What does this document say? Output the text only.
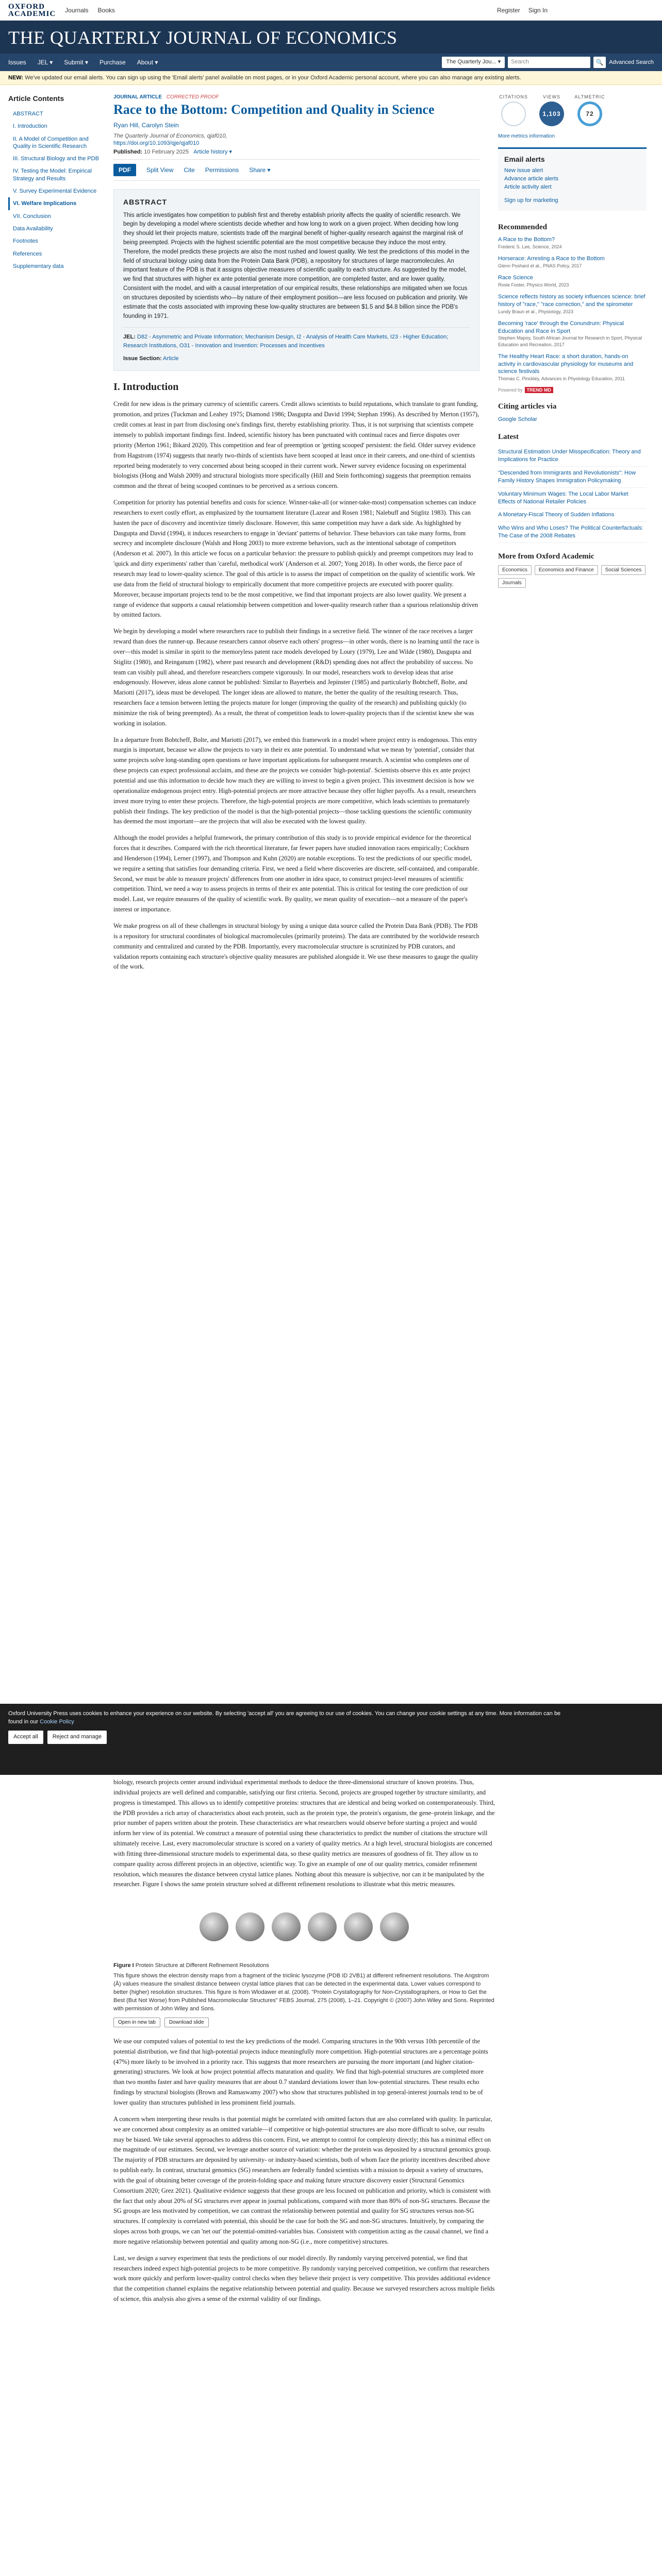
OXFORD
ACADEMIC Journals Books	Register Sign In
THE QUARTERLY JOURNAL OF ECONOMICS
Issues JEL ▾ Submit ▾ Purchase About ▾	The Quarterly Jou... ▾	Search	🔍 Advanced Search
NEW: We've updated our email alerts. You can sign up using the 'Email alerts' panel available on most pages, or in your Oxford Academic personal account, where you can also manage any existing alerts.
Article Contents
ABSTRACT
I. Introduction
II. A Model of Competition and Quality in Scientific Research
III. Structural Biology and the PDB
IV. Testing the Model: Empirical Strategy and Results
V. Survey Experimental Evidence
VI. Welfare Implications
VII. Conclusion
Data Availability
Footnotes
References
Supplementary data
JOURNAL ARTICLE CORRECTED PROOF
Race to the Bottom: Competition and Quality in Science
Ryan Hill, Carolyn Stein
The Quarterly Journal of Economics, qjaf010,
https://doi.org/10.1093/qje/qjaf010
Published: 10 February 2025 Article history ▾
PDF	Split View Cite Permissions Share ▾
ABSTRACT

This article investigates how competition to publish first and thereby establish priority affects the quality of scientific research. We begin by developing a model where scientists decide whether and how long to work on a given project. When deciding how long they should let their projects mature, scientists trade off the marginal benefit of higher-quality research against the marginal risk of being preempted. Projects with the highest scientific potential are the most competitive because they induce the most entry. Therefore, the model predicts these projects are also the most rushed and lowest quality. We test the predictions of this model in the field of structural biology using data from the Protein Data Bank (PDB), a repository for structures of large macromolecules. An important feature of the PDB is that it assigns objective measures of scientific quality to each structure. As suggested by the model, we find that structures with higher ex ante potential generate more competition, are completed faster, and are lower quality. Consistent with the model, and with a causal interpretation of our empirical results, these relationships are mitigated when we focus on structures deposited by scientists who—by nature of their employment position—are less focused on publication and priority. We estimate that the costs associated with improving these low-quality structures are between $1.5 and $4.8 billion since the PDB's founding in 1971.

JEL: D82 - Asymmetric and Private Information; Mechanism Design, I2 - Analysis of Health Care Markets, I23 - Higher Education; Research Institutions, O31 - Innovation and Invention: Processes and Incentives
Issue Section: Article
I. Introduction

Credit for new ideas is the primary currency of scientific careers. Credit allows scientists to build reputations, which translate to grant funding, promotion, and prizes (Tuckman and Leahey 1975; Diamond 1986; Dasgupta and David 1994; Stephan 1996). As described by Merton (1957), credit comes at least in part from disclosing one's findings first, thereby establishing priority. Thus, it is not surprising that scientists compete intensely to publish important findings first. Indeed, scientific history has been punctuated with continual races and fierce disputes over priority (Merton 1961; Bikard 2020). This competition and fear of preemption or 'getting scooped' persistent: the field. Older survey evidence from Hagstrom (1974) suggests that nearly two-thirds of scientists have been scooped at least once in their careers, and one-third of scientists reported being moderately to very concerned about being scooped in their current work. Newer survey evidence focusing on experimental biologists (Hong and Walsh 2009) and structural biologists more specifically (Hill and Stein forthcoming) suggests that preemption remains common and the threat of being scooped continues to be perceived as a serious concern.

Competition for priority has potential benefits and costs for science. Winner-take-all (or winner-take-most) compensation schemes can induce researchers to exert costly effort, as emphasized by the tournament literature (Lazear and Rosen 1981; Nalebuff and Stiglitz 1983). This can hasten the pace of discovery and incentivize timely disclosure. However, this same competition may have a dark side. As highlighted by Dasgupta and David (1994), it induces researchers to engage in 'deviant' patterns of behavior. These behaviors can take many forms, from secrecy and incomplete disclosure (Walsh and Hong 2003) to more extreme behaviors, such as the intentional sabotage of competitors (Anderson et al. 2007). In this article we focus on a particular behavior: the pressure to publish quickly and preempt competitors may lead to 'quick and dirty experiments' rather than 'careful, methodical work' (Anderson et al. 2007; Yong 2018). In other words, the fierce pace of research may lead to lower-quality science. The goal of this article is to assess the impact of competition on the quality of scientific work. We use data from the field of structural biology to empirically document that more competitive projects are executed with poorer quality. Moreover, because important projects tend to be the most competitive, we find that important projects are also lower quality. We present a range of evidence that supports a causal relationship between competition and lower-quality research rather than a spurious relationship driven by omitted factors.

We begin by developing a model where researchers race to publish their findings in a secretive field. The winner of the race receives a larger reward than does the runner-up. Because researchers cannot observe each others' progress—in other words, there is no learning until the race is over—this model is similar in spirit to the memoryless patent race models developed by Loury (1979), Lee and Wilde (1980), Dasgupta and Stiglitz (1980), and Reinganum (1982), where past research and development (R&D) spending does not affect the probability of success. No team can visibly pull ahead, and therefore researchers compete vigorously. In our model, researchers work to develop ideas that arise endogenously. However, ideas alone cannot be published: Similar to Bayerbeis and Jepinster (1985) and particularly Bobtcheff, Bolte, and Mariotti (2017), ideas must be developed. The longer ideas are allowed to mature, the better the quality of the resulting research. Thus, researchers face a tension between letting the projects mature for longer (improving the quality of the research) and publishing quickly (to minimize the risk of being preempted). As a result, the threat of competition leads to lower-quality projects than if the scientist knew she was working in isolation.

In a departure from Bobtcheff, Bolte, and Mariotti (2017), we embed this framework in a model where project entry is endogenous. This entry margin is important, because we allow the projects to vary in their ex ante potential. To understand what we mean by 'potential', consider that some projects solve long-standing open questions or have important applications for subsequent research. A scientist who completes one of these projects can expect professional acclaim, and these are the projects we consider 'high-potential'. Scientists observe this ex ante project potential and use this information to decide how much they are willing to invest to begin a given project. This investment decision is how we operationalize endogenous project entry. High-potential projects are more attractive because they offer higher payoffs. As a result, researchers invest more trying to enter these projects. Therefore, the high-potential projects are more competitive, which leads scientists to prematurely publish their findings. The key prediction of the model is that the high-potential projects—those tackling questions the scientific community has deemed the most important—are the projects that will also be executed with the lowest quality.

Although the model provides a helpful framework, the primary contribution of this study is to provide empirical evidence for the theoretical forces that it describes. Compared with the rich theoretical literature, far fewer papers have studied innovation races empirically; Cockburn and Henderson (1994), Lerner (1997), and Thompson and Kuhn (2020) are notable exceptions. To test the predictions of our specific model, we require a setting that satisfies four demanding criteria. First, we need a field where discoveries are discrete, self-contained, and comparable. Second, we must be able to measure projects' differences from one another in idea space, to construct project-level measures of scientific competition. Third, we need a way to assess projects in terms of their ex ante potential. This is critical for testing the core prediction of our model. Last, we require measures of the quality of scientific work. By quality, we mean quality of execution—not a measure of the paper's interest or importance.

We make progress on all of these challenges in structural biology by using a unique data source called the Protein Data Bank (PDB). The PDB is a repository for structural coordinates of biological macromolecules (primarily proteins). The data are contributed by the worldwide research community and centralized and curated by the PDB. Importantly, every macromolecular structure is scrutinized by PDB curators, and validation reports containing each structure's objective quality measures are published alongside it. We use these measures to gauge the quality of the work.

CITATIONS	VIEWS
1,103
ALTMETRIC
72
More metrics information
Email alerts
New issue alert
Advance article alerts
Article activity alert
Sign up for marketing
Recommended
A Race to the Bottom?
Frederic S. Lee, Science, 2024
Horserace: Arresting a Race to the Bottom
Glenn Poshard et al., PNAS Policy, 2017
Race Science
Rosie Foster, Physics World, 2023
Science reflects history as society influences science: brief history of "race," "race correction," and the spirometer
Lundy Braun et al., Physiology, 2023
Becoming 'race' through the Conundrum: Physical Education and Race in Sport
Stephen Mapoy, South African Journal for Research in Sport, Physical Education and Recreation, 2017
The Healthy Heart Race: a short duration, hands-on activity in cardiovascular physiology for museums and science festivals
Thomas C. Pinckley, Advances in Physiology Education, 2011
Powered by TREND MD
Citing articles via
Google Scholar
Latest
Structural Estimation Under Misspecification: Theory and Implications for Practice
"Descended from Immigrants and Revolutionists": How Family History Shapes Immigration Policymaking
Voluntary Minimum Wages: The Local Labor Market Effects of National Retailer Policies
A Monetary-Fiscal Theory of Sudden Inflations
Who Wins and Who Loses? The Political Counterfactuals: The Case of the 2008 Rebates
More from Oxford Academic
Economics	Economics and Finance	Social Sciences
Journals

Oxford University Press uses cookies to enhance your experience on our website. By selecting 'accept all' you are agreeing to our use of cookies. You can change your cookie settings at any time. More information can be found in our Cookie Policy

Accept all	Reject and manage

biology, research projects center around individual experimental methods to deduce the three-dimensional structure of known proteins. Thus, individual projects are well defined and comparable, satisfying our first criteria. Second, projects are grouped together by structure similarity, and progress is timestamped. This allows us to identify competitive proteins: structures that are identical and being worked on contemporaneously. Third, the PDB provides a rich array of characteristics about each protein, such as the protein type, the protein's organism, the gene–protein linkage, and the prior number of papers written about the protein. These characteristics are what researchers would observe before starting a project and would inform her view of its potential. We construct a measure of potential using these characteristics to predict the number of citations the structure will ultimately receive. Last, every macromolecular structure is scored on a variety of quality metrics. At a high level, structural biologists are concerned with fitting three-dimensional structure models to experimental data, so these quality metrics are measures of goodness of fit. They allow us to compare quality across different projects in an objective, scientific way. To give an example of one of our quality metrics, consider refinement resolution, which measures the distance between crystal lattice planes. Nothing about this measure is subjective, nor can it be manipulated by the researcher. Figure I shows the same protein structure solved at different refinement resolutions to illustrate what this metric measures.

Figure I Protein Structure at Different Refinement Resolutions
This figure shows the electron density maps from a fragment of the triclinic lysozyme (PDB ID 2VB1) at different refinement resolutions. The Angstrom (Å) values measure the smallest distance between crystal lattice planes that can be detected in the experimental data. Lower values correspond to better (higher) resolution structures. This figure is from Wlodawer et al. (2008). "Protein Crystallography for Non-Crystallographers, or How to Get the Best (But Not Worse) from Published Macromolecular Structures" FEBS Journal, 275 (2008), 1–21. Copyright © (2007) John Wiley and Sons. Reprinted with permission of John Wiley and Sons.
Open in new tab	Download slide

We use our computed values of potential to test the key predictions of the model. Comparing structures in the 90th versus 10th percentile of the potential distribution, we find that high-potential projects induce meaningfully more competition. High-potential structures are a percentage points (47%) more likely to be involved in a priority race. This suggests that more researchers are pursuing the more important (and higher citation-generating) structures. We look at how project potential affects maturation and quality. We find that high-potential structures are completed more than two months faster and have quality measures that are about 0.7 standard deviations lower than low-potential structures. These results echo findings by structural biologists (Brown and Ramaswamy 2007) who show that structures published in top general-interest journals tend to be of lower quality than structures published in less prominent field journals.

A concern when interpreting these results is that potential might be correlated with omitted factors that are also correlated with quality. In particular, we are concerned about complexity as an omitted variable—if competitive or high-potential structures are also more difficult to solve, our results may be biased. We take several approaches to address this concern. First, we attempt to control for complexity directly; this has a minimal effect on the magnitude of our estimates. Second, we leverage another source of variation: whether the protein was deposited by a structural genomics group. The majority of PDB structures are deposited by university- or industry-based scientists, both of whom face the priority incentives described above to publish early. In contrast, structural genomics (SG) researchers are federally funded scientists with a mission to deposit a variety of structures, with the goal of obtaining better coverage of the protein-folding space and making future structure discovery easier (Structural Genomics Consortium 2020; Grez 2021). Qualitative evidence suggests that these groups are less focused on publication and priority, which is consistent with the fact that only about 20% of SG structures ever appear in journal publications, compared with more than 80% of non-SG structures. Because the SG groups are less motivated by competition, we can contrast the relationship between potential and quality for SG structures versus non-SG structures. If complexity is correlated with potential, this should be the case for both the SG and non-SG structures. Intuitively, by comparing the slopes across both groups, we can 'net out' the potential-omitted-variables bias. Consistent with competition acting as the causal channel, we find a more negative relationship between potential and quality among non-SG (i.e., more competitive) structures.

Last, we design a survey experiment that tests the predictions of our model directly. By randomly varying perceived potential, we find that researchers indeed expect high-potential projects to be more competitive. By randomly varying perceived competition, we confirm that researchers work more quickly and perform lower-quality control checks when they believe their project is very competitive. This provides additional evidence that the competition channel explains the negative relationship between potential and quality. Because we surveyed researchers across multiple fields of science, this analysis also gives a sense of the external validity of our findings.
